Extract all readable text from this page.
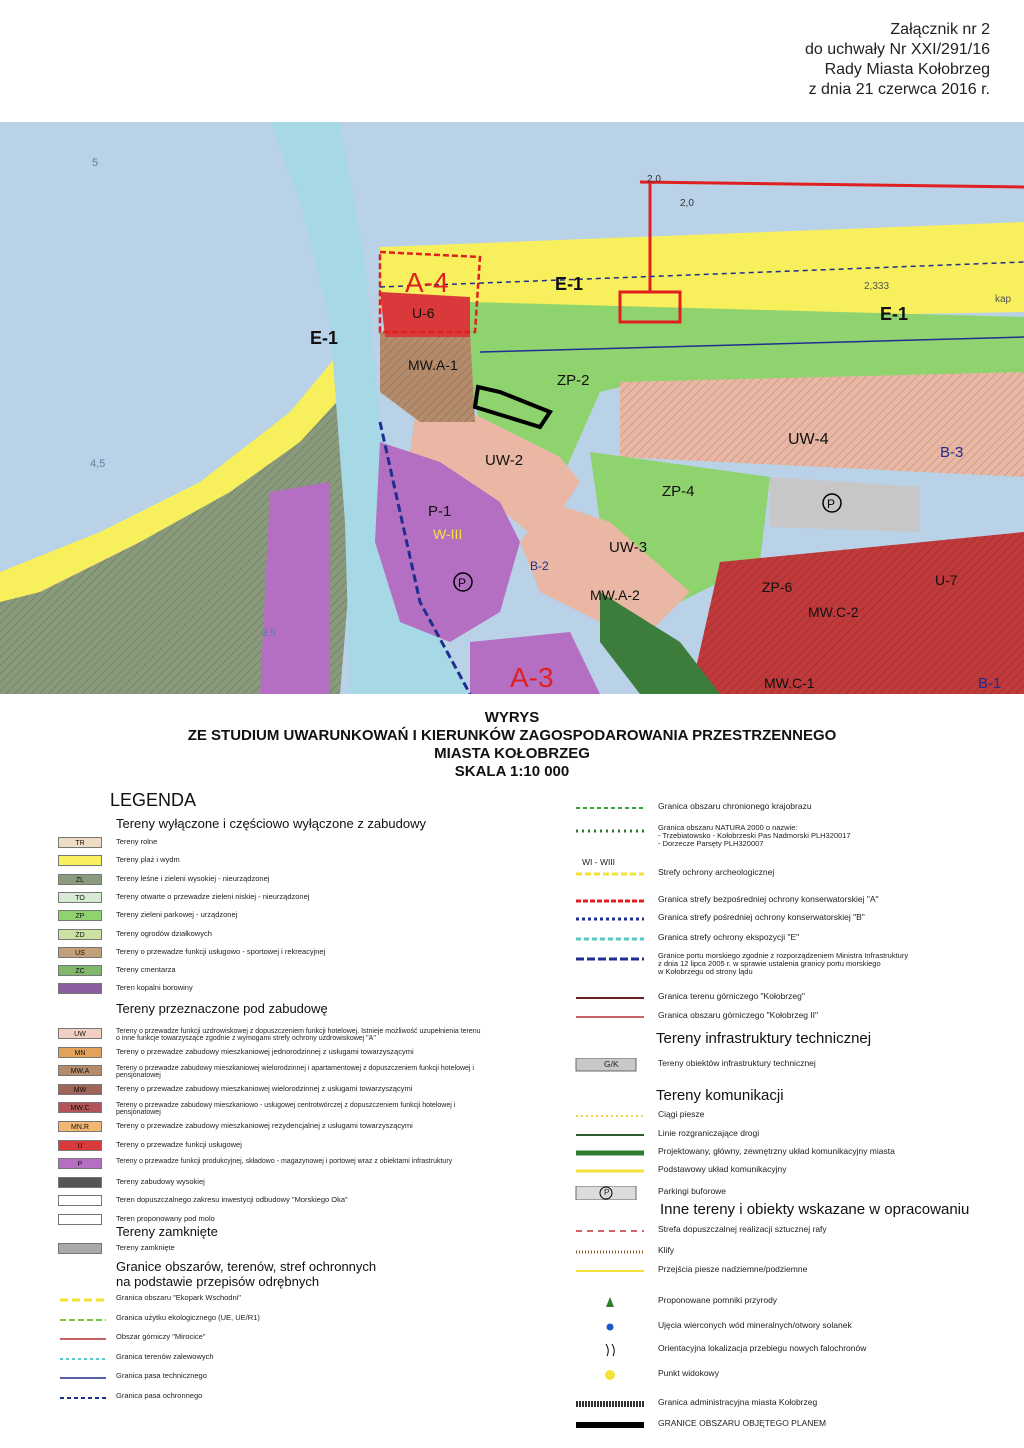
Załącznik nr 2
do uchwały Nr XXI/291/16
Rady Miasta Kołobrzeg
z dnia 21 czerwca 2016 r.
E-1
E-1
E-1
A-4
A-3
U-6
MW.A-1
ZP-2
UW-4
B-3
UW-2
P-1
W-III
ZP-4
UW-3
B-2
MW.A-2	ZP-6	U-7
MW.C-2
MW.C-1	B-1
5
4,5
2,0
2,0
3,5
2,333
kap
P
P
WYRYS
ZE STUDIUM UWARUNKOWAŃ I KIERUNKÓW ZAGOSPODAROWANIA PRZESTRZENNEGO
MIASTA KOŁOBRZEG
SKALA 1:10 000
LEGENDA
Tereny wyłączone i częściowo wyłączone z zabudowy
TR	Tereny rolne
Tereny plaż i wydm
ZL	Tereny leśne i zieleni wysokiej - nieurządzonej
TO	Tereny otwarte o przewadze zieleni niskiej - nieurządzonej
ZP	Tereny zieleni parkowej - urządzonej
ZD	Tereny ogrodów działkowych
US	Tereny o przewadze funkcji usługowo - sportowej i rekreacyjnej
ZC	Tereny cmentarza
Teren kopalni borowiny
Tereny przeznaczone pod zabudowę
UW	Tereny o przewadze funkcji uzdrowiskowej z dopuszczeniem funkcji hotelowej. Istnieje możliwość uzupełnienia terenu o inne funkcje towarzyszące zgodnie z wymogami strefy ochrony uzdrowiskowej "A"
MN	Tereny o przewadze zabudowy mieszkaniowej jednorodzinnej z usługami towarzyszącymi
MW.A	Tereny o przewadze zabudowy mieszkaniowej wielorodzinnej i apartamentowej z dopuszczeniem funkcji hotelowej i pensjonatowej
MW	Tereny o przewadze zabudowy mieszkaniowej wielorodzinnej z usługami towarzyszącymi
MW.C	Tereny o przewadze zabudowy mieszkaniowo - usługowej centrotwórczej z dopuszczeniem funkcji hotelowej i pensjonatowej
MN.R	Tereny o przewadze zabudowy mieszkaniowej rezydencjalnej z usługami towarzyszącymi
U	Tereny o przewadze funkcji usługowej
P	Tereny o przewadze funkcji produkcyjnej, składowo - magazynowej i portowej wraz z obiektami infrastruktury
Tereny zabudowy wysokiej
Teren dopuszczalnego zakresu inwestycji odbudowy "Morskiego Oka"
Teren proponowany pod molo
Tereny zamknięte
Tereny zamknięte
Granice obszarów, terenów, stref ochronnych
na podstawie przepisów odrębnych
Granica obszaru "Ekopark Wschodni"
Granica użytku ekologicznego (UE, UE/R1)
Obszar górniczy "Mirocice"
Granica terenów zalewowych
Granica pasa technicznego
Granica pasa ochronnego
Granica obszaru chronionego krajobrazu
Granica obszaru NATURA 2000 o nazwie:
- Trzebiatowsko - Kołobrzeski Pas Nadmorski PLH320017
- Dorzecze Parsęty PLH320007
Strefy ochrony archeologicznej
WI - WIII
Granica strefy bezpośredniej ochrony konserwatorskiej "A"
Granica strefy pośredniej ochrony konserwatorskiej "B"
Granica strefy ochrony ekspozycji "E"
Granice portu morskiego zgodnie z rozporządzeniem Ministra Infrastruktury
z dnia 12 lipca 2005 r. w sprawie ustalenia granicy portu morskiego
w Kołobrzegu od strony lądu
Granica terenu górniczego "Kołobrzeg"
Granica obszaru górniczego "Kołobrzeg II"
Tereny infrastruktury technicznej
Tereny obiektów infrastruktury technicznej
G/K
Tereny komunikacji
Ciągi piesze
Linie rozgraniczające drogi
Projektowany, główny, zewnętrzny układ komunikacyjny miasta
Podstawowy układ komunikacyjny
Parkingi buforowe
P
Inne tereny i obiekty wskazane w opracowaniu
Strefa dopuszczalnej realizacji sztucznej rafy
Klify
Przejścia piesze nadziemne/podziemne
Proponowane pomniki przyrody
Ujęcia wierconych wód mineralnych/otwory solanek
Orientacyjna lokalizacja przebiegu nowych falochronów
Punkt widokowy
Granica administracyjna miasta Kołobrzeg
GRANICE OBSZARU OBJĘTEGO PLANEM
